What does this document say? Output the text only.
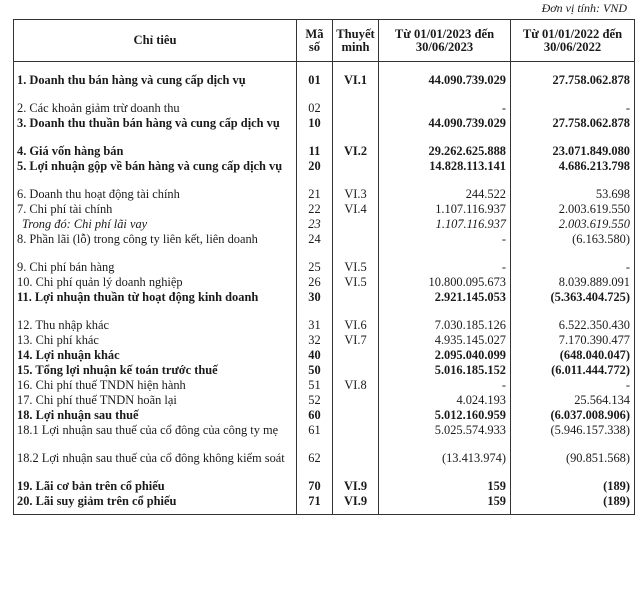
Đơn vị tính: VND
Chỉ tiêu	Mã số	Thuyết minh	Từ 01/01/2023 đến 30/06/2023	Từ 01/01/2022 đến 30/06/2022
1. Doanh thu bán hàng và cung cấp dịch vụ	01	VI.1	44.090.739.029	27.758.062.878
2. Các khoản giảm trừ doanh thu	02		-	-
3. Doanh thu thuần bán hàng và cung cấp dịch vụ	10		44.090.739.029	27.758.062.878
4. Giá vốn hàng bán	11	VI.2	29.262.625.888	23.071.849.080
5. Lợi nhuận gộp về bán hàng và cung cấp dịch vụ	20		14.828.113.141	4.686.213.798
6. Doanh thu hoạt động tài chính	21	VI.3	244.522	53.698
7. Chi phí tài chính	22	VI.4	1.107.116.937	2.003.619.550
Trong đó: Chi phí lãi vay	23		1.107.116.937	2.003.619.550
8. Phần lãi (lỗ) trong công ty liên kết, liên doanh	24		-	(6.163.580)
9. Chi phí bán hàng	25	VI.5	-	-
10. Chi phí quản lý doanh nghiệp	26	VI.5	10.800.095.673	8.039.889.091
11. Lợi nhuận thuần từ hoạt động kinh doanh	30		2.921.145.053	(5.363.404.725)
12. Thu nhập khác	31	VI.6	7.030.185.126	6.522.350.430
13. Chi phí khác	32	VI.7	4.935.145.027	7.170.390.477
14. Lợi nhuận khác	40		2.095.040.099	(648.040.047)
15. Tổng lợi nhuận kế toán trước thuế	50		5.016.185.152	(6.011.444.772)
16. Chi phí thuế TNDN hiện hành	51	VI.8	-	-
17. Chi phí thuế TNDN hoãn lại	52		4.024.193	25.564.134
18. Lợi nhuận sau thuế	60		5.012.160.959	(6.037.008.906)
18.1 Lợi nhuận sau thuế của cổ đông của công ty mẹ	61		5.025.574.933	(5.946.157.338)
18.2 Lợi nhuận sau thuế của cổ đông không kiểm soát	62		(13.413.974)	(90.851.568)
19. Lãi cơ bản trên cổ phiếu	70	VI.9	159	(189)
20. Lãi suy giảm trên cổ phiếu	71	VI.9	159	(189)
